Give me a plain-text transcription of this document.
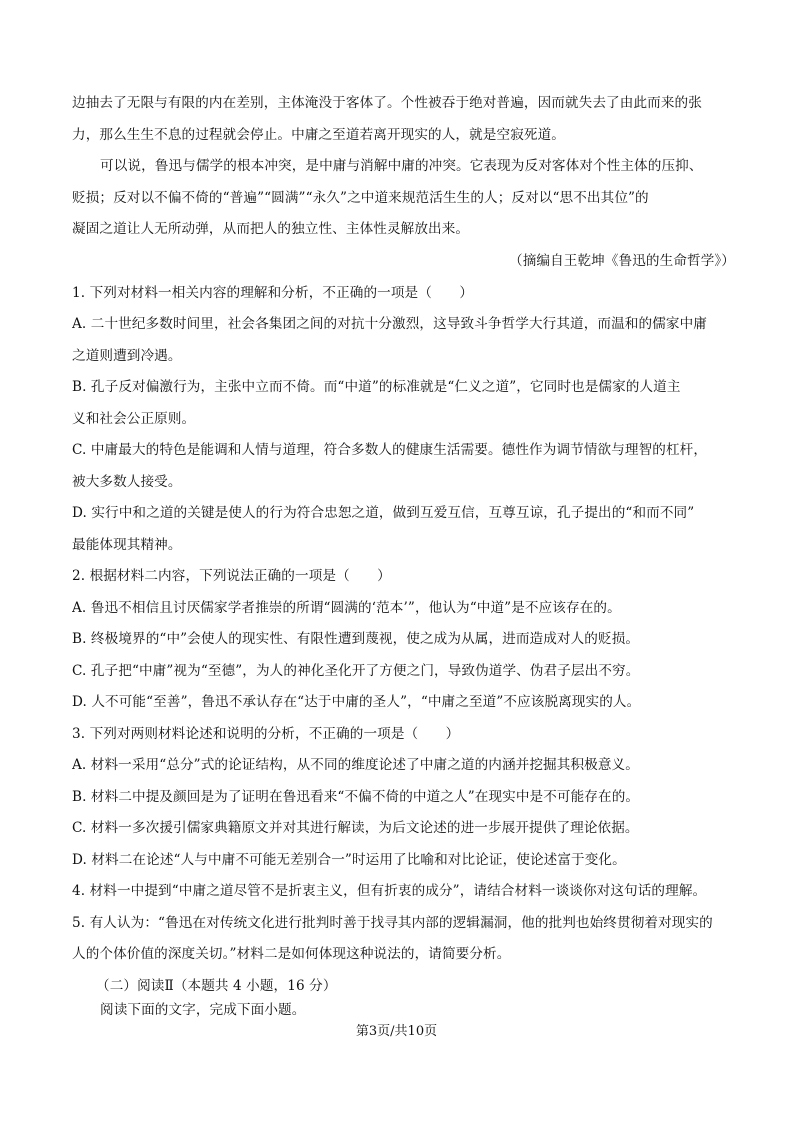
边抽去了无限与有限的内在差别，主体淹没于客体了。个性被吞于绝对普遍，因而就失去了由此而来的张
力，那么生生不息的过程就会停止。中庸之至道若离开现实的人，就是空寂死道。
可以说，鲁迅与儒学的根本冲突，是中庸与消解中庸的冲突。它表现为反对客体对个性主体的压抑、
贬损；反对以不偏不倚的“普遍”“圆满”“永久”之中道来规范活生生的人；反对以“思不出其位”的
凝固之道让人无所动弹，从而把人的独立性、主体性灵解放出来。
（摘编自王乾坤《鲁迅的生命哲学》）
1. 下列对材料一相关内容的理解和分析，不正确的一项是（　　）
A. 二十世纪多数时间里，社会各集团之间的对抗十分激烈，这导致斗争哲学大行其道，而温和的儒家中庸
之道则遭到冷遇。
B. 孔子反对偏激行为，主张中立而不倚。而“中道”的标准就是“仁义之道”，它同时也是儒家的人道主
义和社会公正原则。
C. 中庸最大的特色是能调和人情与道理，符合多数人的健康生活需要。德性作为调节情欲与理智的杠杆，
被大多数人接受。
D. 实行中和之道的关键是使人的行为符合忠恕之道，做到互爱互信，互尊互谅，孔子提出的“和而不同”
最能体现其精神。
2. 根据材料二内容，下列说法正确的一项是（　　）
A. 鲁迅不相信且讨厌儒家学者推崇的所谓“圆满的‘范本’”，他认为“中道”是不应该存在的。
B. 终极境界的“中”会使人的现实性、有限性遭到蔑视，使之成为从属，进而造成对人的贬损。
C. 孔子把“中庸”视为“至德”，为人的神化圣化开了方便之门，导致伪道学、伪君子层出不穷。
D. 人不可能“至善”，鲁迅不承认存在“达于中庸的圣人”，“中庸之至道”不应该脱离现实的人。
3. 下列对两则材料论述和说明的分析，不正确的一项是（　　）
A. 材料一采用“总分”式的论证结构，从不同的维度论述了中庸之道的内涵并挖掘其积极意义。
B. 材料二中提及颜回是为了证明在鲁迅看来“不偏不倚的中道之人”在现实中是不可能存在的。
C. 材料一多次援引儒家典籍原文并对其进行解读，为后文论述的进一步展开提供了理论依据。
D. 材料二在论述“人与中庸不可能无差别合一”时运用了比喻和对比论证，使论述富于变化。
4. 材料一中提到“中庸之道尽管不是折衷主义，但有折衷的成分”，请结合材料一谈谈你对这句话的理解。
5. 有人认为：“鲁迅在对传统文化进行批判时善于找寻其内部的逻辑漏洞，他的批判也始终贯彻着对现实的
人的个体价值的深度关切。”材料二是如何体现这种说法的，请简要分析。
（二）阅读Ⅱ（本题共 4 小题，16 分）
阅读下面的文字，完成下面小题。
第3页/共10页
